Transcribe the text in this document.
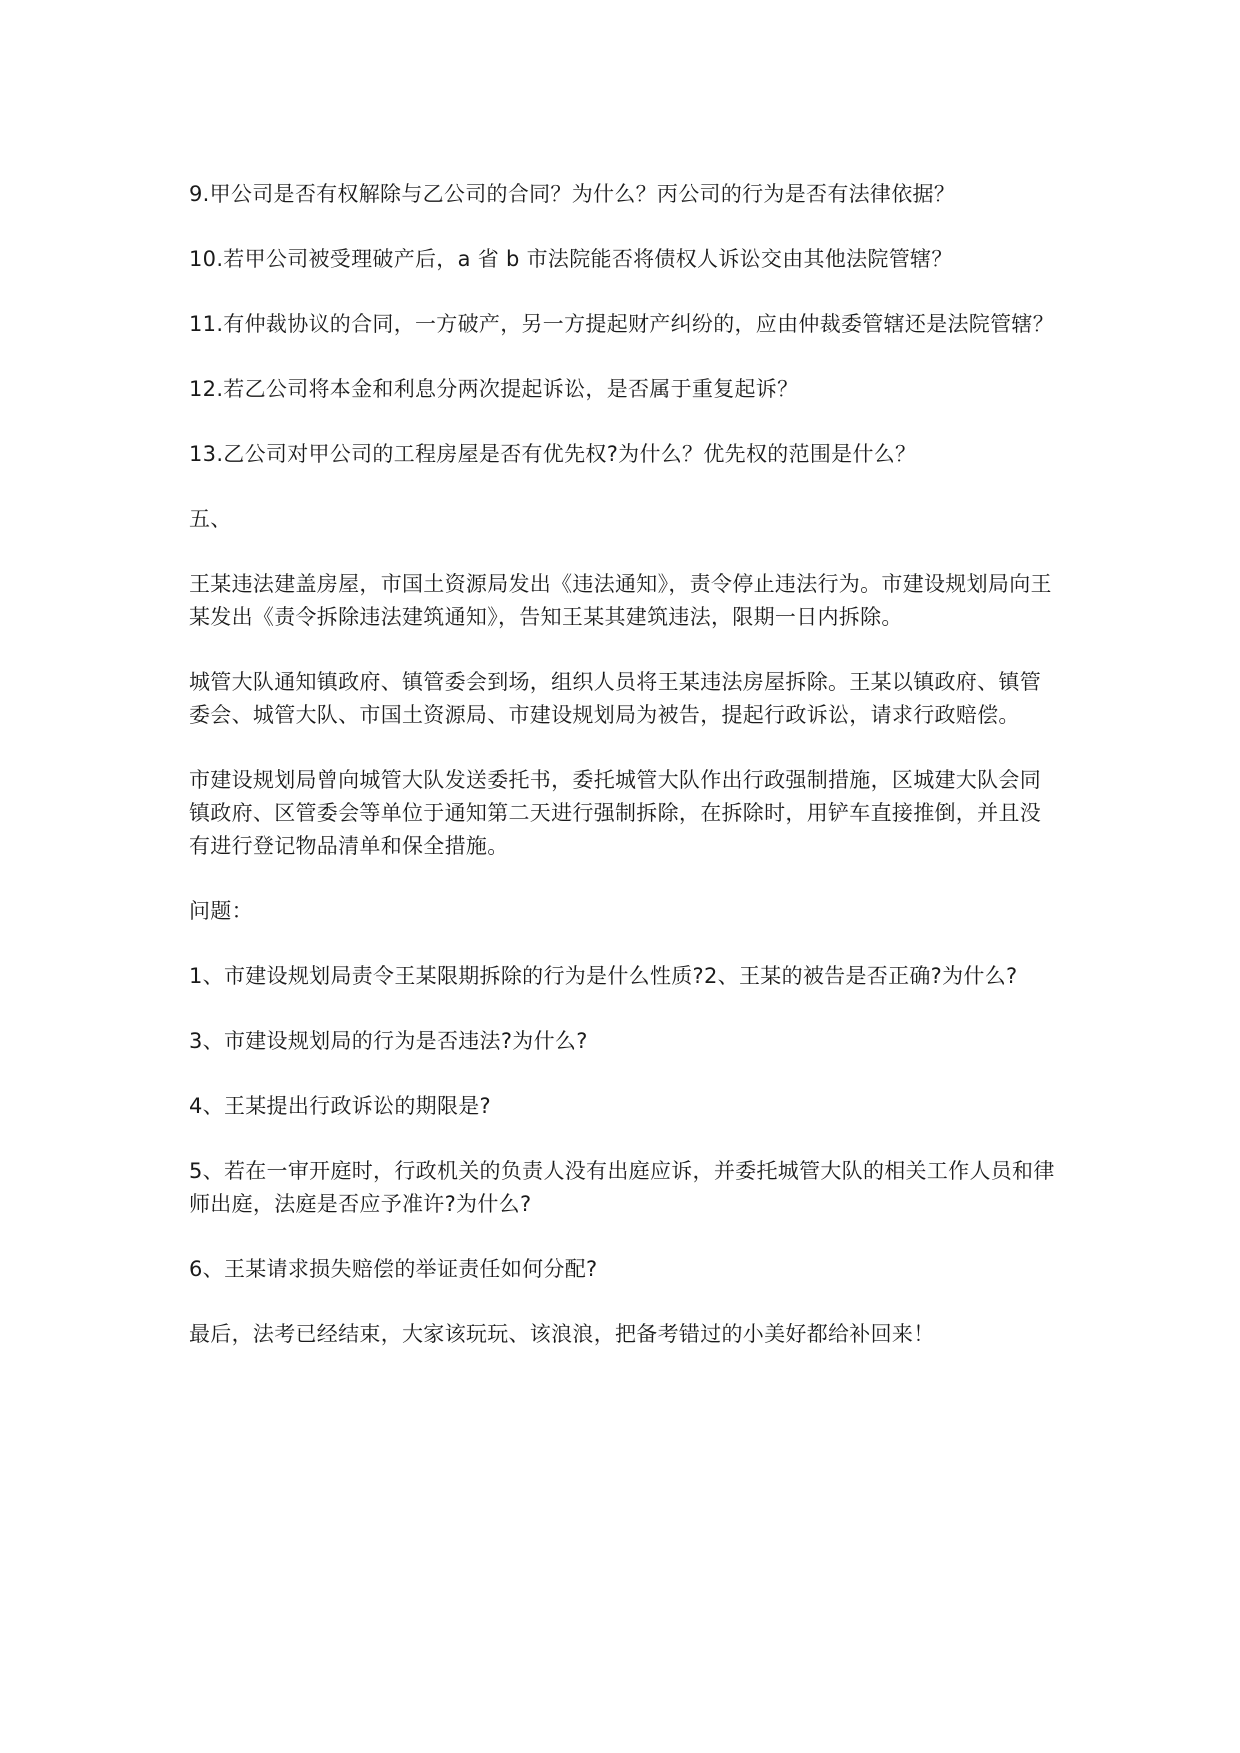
9.甲公司是否有权解除与乙公司的合同？为什么？丙公司的行为是否有法律依据？

10.若甲公司被受理破产后，a 省 b 市法院能否将债权人诉讼交由其他法院管辖？

11.有仲裁协议的合同，一方破产，另一方提起财产纠纷的，应由仲裁委管辖还是法院管辖？

12.若乙公司将本金和利息分两次提起诉讼，是否属于重复起诉？

13.乙公司对甲公司的工程房屋是否有优先权?为什么？优先权的范围是什么？

五、

王某违法建盖房屋，市国土资源局发出《违法通知》，责令停止违法行为。市建设规划局向王某发出《责令拆除违法建筑通知》，告知王某其建筑违法，限期一日内拆除。

城管大队通知镇政府、镇管委会到场，组织人员将王某违法房屋拆除。王某以镇政府、镇管委会、城管大队、市国土资源局、市建设规划局为被告，提起行政诉讼，请求行政赔偿。

市建设规划局曾向城管大队发送委托书，委托城管大队作出行政强制措施，区城建大队会同镇政府、区管委会等单位于通知第二天进行强制拆除，在拆除时，用铲车直接推倒，并且没有进行登记物品清单和保全措施。

问题：

1、市建设规划局责令王某限期拆除的行为是什么性质?2、王某的被告是否正确?为什么?

3、市建设规划局的行为是否违法?为什么?

4、王某提出行政诉讼的期限是?

5、若在一审开庭时，行政机关的负责人没有出庭应诉，并委托城管大队的相关工作人员和律师出庭，法庭是否应予准许?为什么?

6、王某请求损失赔偿的举证责任如何分配?

最后，法考已经结束，大家该玩玩、该浪浪，把备考错过的小美好都给补回来！
